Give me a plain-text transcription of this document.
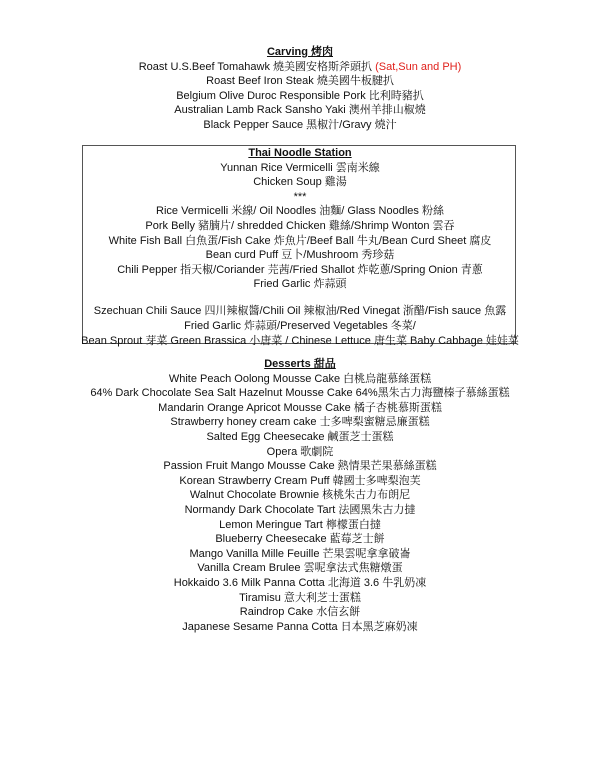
Carving 烤肉
Roast U.S.Beef Tomahawk 燒美國安格斯斧頭扒 (Sat,Sun and PH)
Roast Beef Iron Steak 燒美國牛板腱扒
Belgium Olive Duroc Responsible Pork 比利時豬扒
Australian Lamb Rack Sansho Yaki 澳州羊排山椒燒
Black Pepper Sauce 黑椒汁/Gravy 燒汁
Thai Noodle Station
Yunnan Rice Vermicelli 雲南米線
Chicken Soup 雞湯
***
Rice Vermicelli 米線/ Oil Noodles 油麵/ Glass Noodles 粉絲
Pork Belly 豬腩片/ shredded Chicken 雞絲/Shrimp Wonton 雲吞
White Fish Ball 白魚蛋/Fish Cake 炸魚片/Beef Ball 牛丸/Bean Curd Sheet 腐皮
Bean curd Puff 豆卜/Mushroom 秀珍菇
Chili Pepper 指天椒/Coriander 芫茜/Fried Shallot 炸乾蔥/Spring Onion 青蔥
Fried Garlic 炸蒜頭
Szechuan Chili Sauce 四川辣椒醬/Chili Oil 辣椒油/Red Vinegat 浙醋/Fish sauce 魚露
Fried Garlic 炸蒜頭/Preserved Vegetables 冬菜/
Bean Sprout 芽菜 Green Brassica 小唐菜 / Chinese Lettuce 唐生菜 Baby Cabbage 娃娃菜
Desserts 甜品
White Peach Oolong Mousse Cake 白桃烏龍慕絲蛋糕
64% Dark Chocolate Sea Salt Hazelnut Mousse Cake 64%黑朱古力海鹽榛子慕絲蛋糕
Mandarin Orange Apricot Mousse Cake 橘子杏桃慕斯蛋糕
Strawberry honey cream cake 士多啤梨蜜糖忌廉蛋糕
Salted Egg Cheesecake 鹹蛋芝士蛋糕
Opera 歌劇院
Passion Fruit Mango Mousse Cake 熱情果芒果慕絲蛋糕
Korean Strawberry Cream Puff 韓國士多啤梨泡芙
Walnut Chocolate Brownie 核桃朱古力布朗尼
Normandy Dark Chocolate Tart 法國黑朱古力撻
Lemon Meringue Tart 檸檬蛋白撻
Blueberry Cheesecake 藍莓芝士餅
Mango Vanilla Mille Feuille 芒果雲呢拿拿破崙
Vanilla Cream Brulee 雲呢拿法式焦糖燉蛋
Hokkaido 3.6 Milk Panna Cotta 北海道 3.6 牛乳奶凍
Tiramisu 意大利芝士蛋糕
Raindrop Cake 水信玄餅
Japanese Sesame Panna Cotta 日本黑芝麻奶凍
